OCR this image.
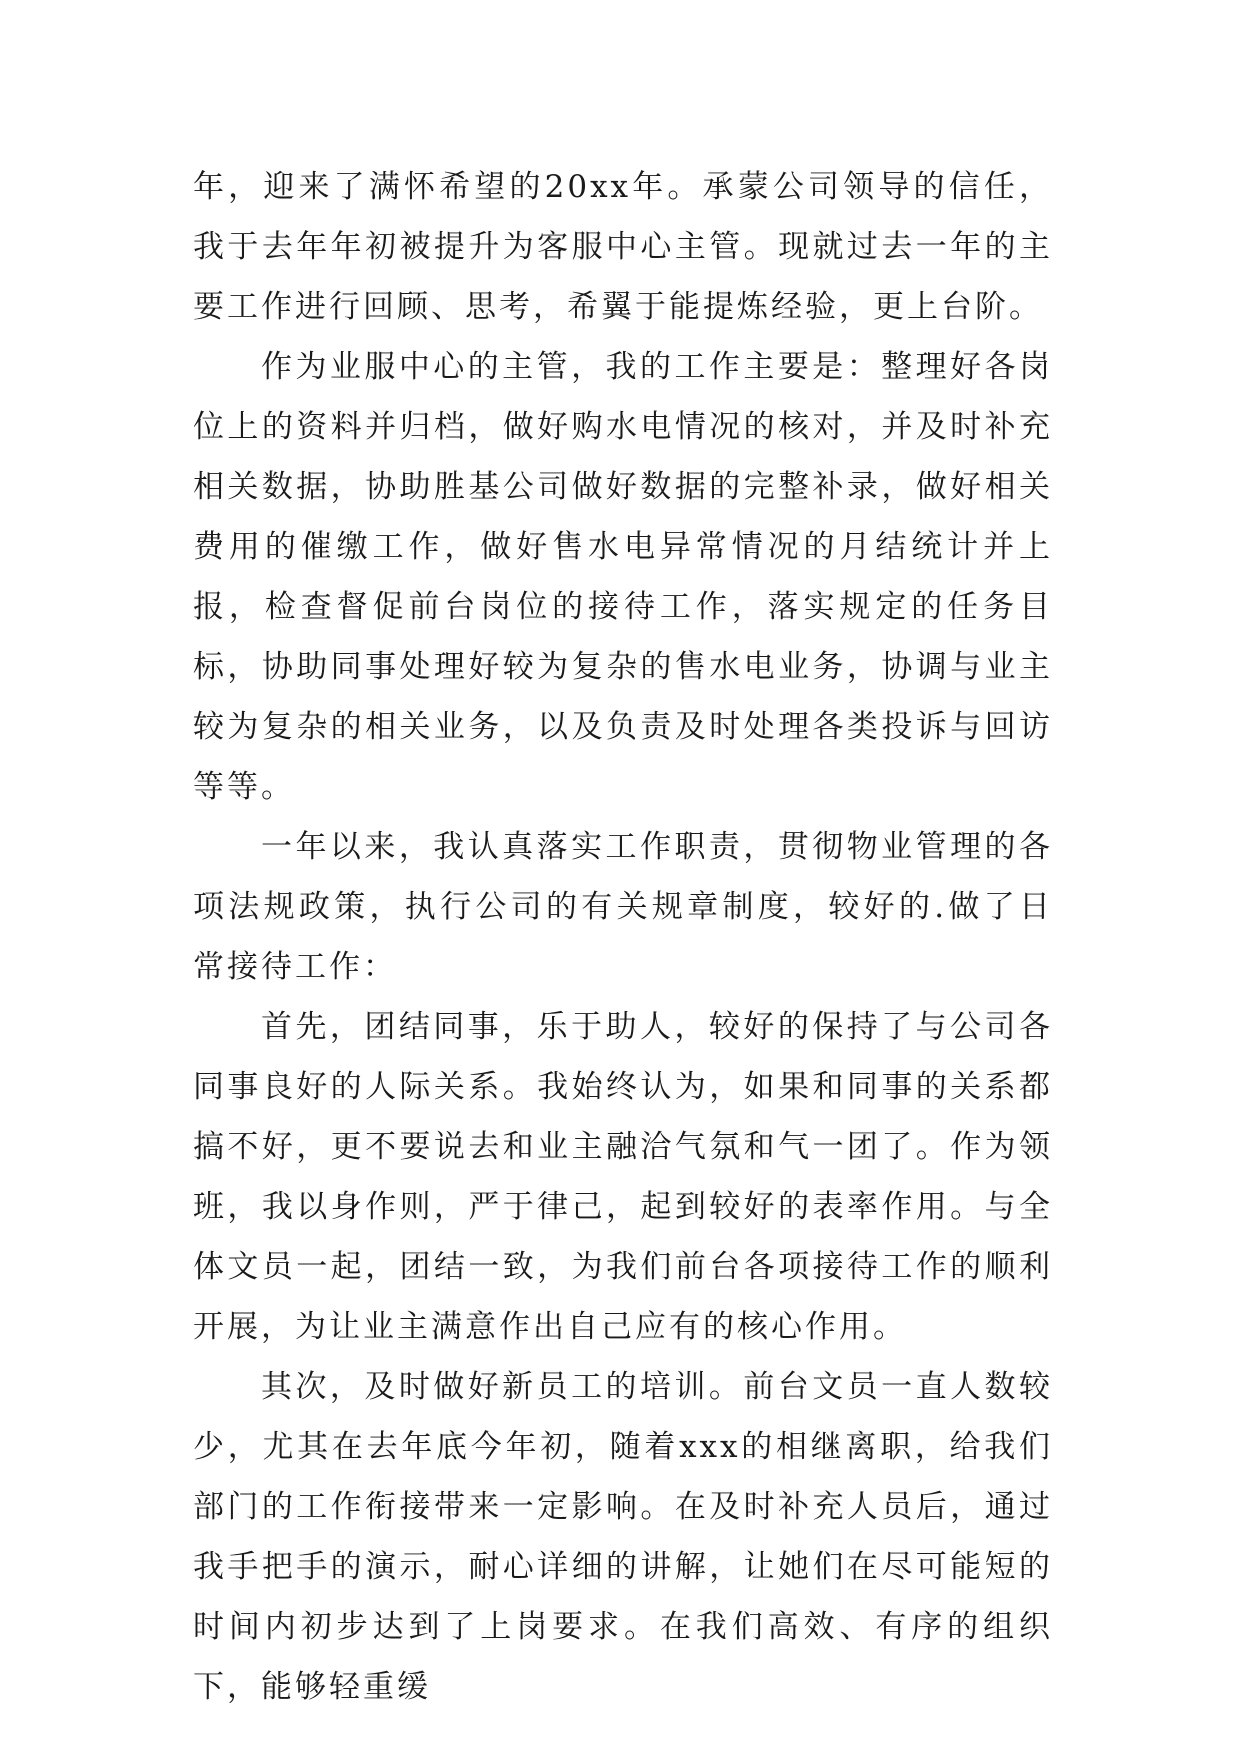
年，迎来了满怀希望的20xx年。承蒙公司领导的信任，我于去年年初被提升为客服中心主管。现就过去一年的主要工作进行回顾、思考，希翼于能提炼经验，更上台阶。

作为业服中心的主管，我的工作主要是：整理好各岗位上的资料并归档，做好购水电情况的核对，并及时补充相关数据，协助胜基公司做好数据的完整补录，做好相关费用的催缴工作，做好售水电异常情况的月结统计并上报，检查督促前台岗位的接待工作，落实规定的任务目标，协助同事处理好较为复杂的售水电业务，协调与业主较为复杂的相关业务，以及负责及时处理各类投诉与回访等等。

一年以来，我认真落实工作职责，贯彻物业管理的各项法规政策，执行公司的有关规章制度，较好的.做了日常接待工作：

首先，团结同事，乐于助人，较好的保持了与公司各同事良好的人际关系。我始终认为，如果和同事的关系都搞不好，更不要说去和业主融洽气氛和气一团了。作为领班，我以身作则，严于律己，起到较好的表率作用。与全体文员一起，团结一致，为我们前台各项接待工作的顺利开展，为让业主满意作出自己应有的核心作用。

其次，及时做好新员工的培训。前台文员一直人数较少，尤其在去年底今年初，随着xxx的相继离职，给我们部门的工作衔接带来一定影响。在及时补充人员后，通过我手把手的演示，耐心详细的讲解，让她们在尽可能短的时间内初步达到了上岗要求。在我们高效、有序的组织下，能够轻重缓
